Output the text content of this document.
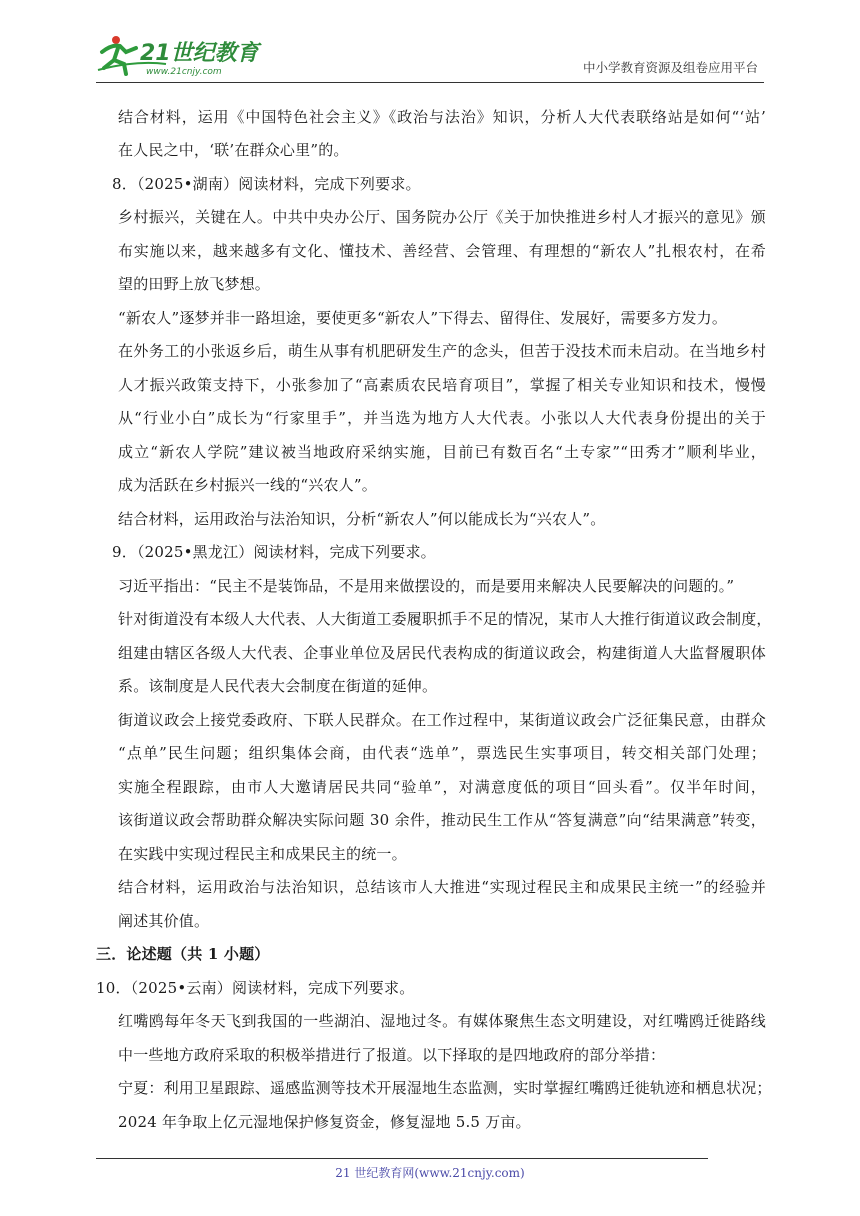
21世纪教育
www.21cnjy.com	中小学教育资源及组卷应用平台
结合材料，运用《中国特色社会主义》《政治与法治》知识，分析人大代表联络站是如何“‘站’
在人民之中，‘联’在群众心里”的。
8．（2025•湖南）阅读材料，完成下列要求。
乡村振兴，关键在人。中共中央办公厅、国务院办公厅《关于加快推进乡村人才振兴的意见》颁
布实施以来，越来越多有文化、懂技术、善经营、会管理、有理想的“新农人”扎根农村，在希
望的田野上放飞梦想。
“新农人”逐梦并非一路坦途，要使更多“新农人”下得去、留得住、发展好，需要多方发力。
在外务工的小张返乡后，萌生从事有机肥研发生产的念头，但苦于没技术而未启动。在当地乡村
人才振兴政策支持下，小张参加了“高素质农民培育项目”，掌握了相关专业知识和技术，慢慢
从“行业小白”成长为“行家里手”，并当选为地方人大代表。小张以人大代表身份提出的关于
成立“新农人学院”建议被当地政府采纳实施，目前已有数百名“土专家”“田秀才”顺利毕业，
成为活跃在乡村振兴一线的“兴农人”。
结合材料，运用政治与法治知识，分析“新农人”何以能成长为“兴农人”。
9．（2025•黑龙江）阅读材料，完成下列要求。
习近平指出：“民主不是装饰品，不是用来做摆设的，而是要用来解决人民要解决的问题的。”
针对街道没有本级人大代表、人大街道工委履职抓手不足的情况，某市人大推行街道议政会制度，
组建由辖区各级人大代表、企事业单位及居民代表构成的街道议政会，构建街道人大监督履职体
系。该制度是人民代表大会制度在街道的延伸。
街道议政会上接党委政府、下联人民群众。在工作过程中，某街道议政会广泛征集民意，由群众
“点单”民生问题；组织集体会商，由代表“选单”，票选民生实事项目，转交相关部门处理；
实施全程跟踪，由市人大邀请居民共同“验单”，对满意度低的项目“回头看”。仅半年时间，
该街道议政会帮助群众解决实际问题 30 余件，推动民生工作从“答复满意”向“结果满意”转变，
在实践中实现过程民主和成果民主的统一。
结合材料，运用政治与法治知识，总结该市人大推进“实现过程民主和成果民主统一”的经验并
阐述其价值。
三．论述题（共 1 小题）
10．（2025•云南）阅读材料，完成下列要求。
红嘴鸥每年冬天飞到我国的一些湖泊、湿地过冬。有媒体聚焦生态文明建设，对红嘴鸥迁徙路线
中一些地方政府采取的积极举措进行了报道。以下择取的是四地政府的部分举措：
宁夏：利用卫星跟踪、遥感监测等技术开展湿地生态监测，实时掌握红嘴鸥迁徙轨迹和栖息状况；
2024 年争取上亿元湿地保护修复资金，修复湿地 5.5 万亩。
21 世纪教育网(www.21cnjy.com)
